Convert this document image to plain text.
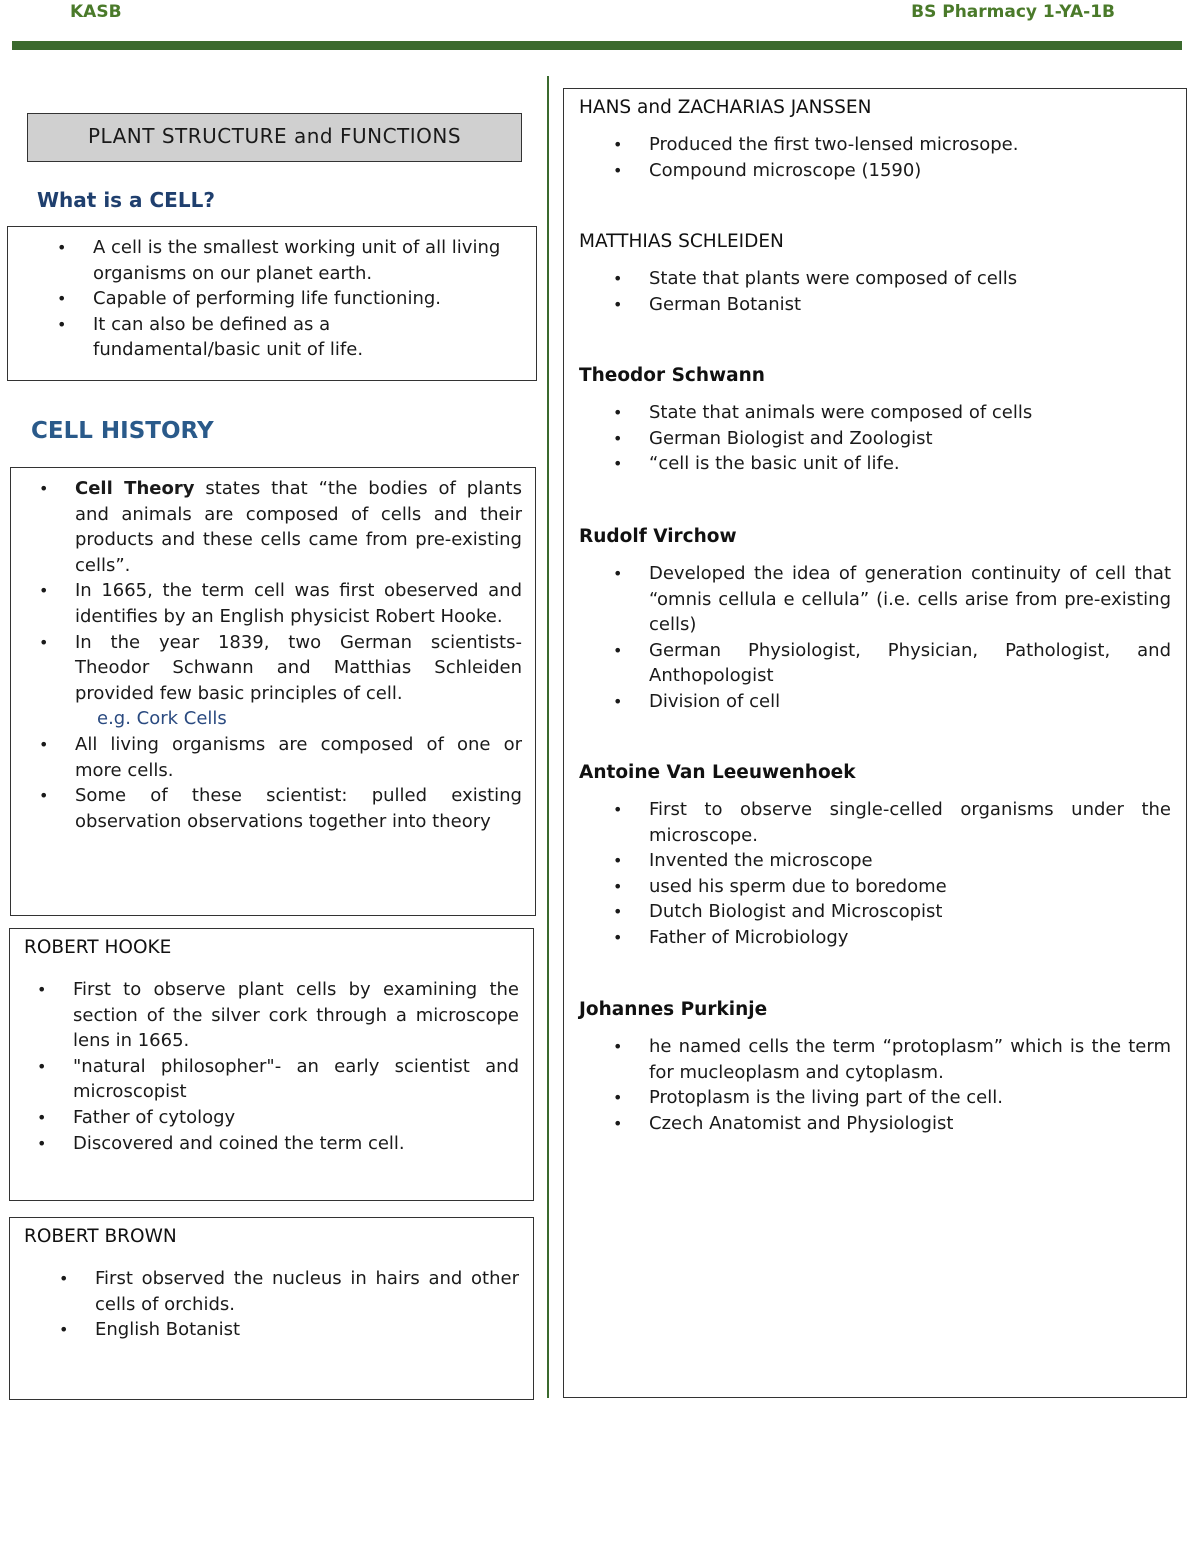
KASB	BS Pharmacy 1-YA-1B
PLANT STRUCTURE and FUNCTIONS
What is a CELL?
• A cell is the smallest working unit of all living organisms on our planet earth.
• Capable of performing life functioning.
• It can also be defined as a fundamental/basic unit of life.
CELL HISTORY
• Cell Theory states that “the bodies of plants and animals are composed of cells and their products and these cells came from pre-existing cells”.
• In 1665, the term cell was first obeserved and identifies by an English physicist Robert Hooke.
• In the year 1839, two German scientists- Theodor Schwann and Matthias Schleiden provided few basic principles of cell.
e.g. Cork Cells
• All living organisms are composed of one or more cells.
• Some of these scientist: pulled existing observation observations together into theory
ROBERT HOOKE
• First to observe plant cells by examining the section of the silver cork through a microscope lens in 1665.
• "natural philosopher"- an early scientist and microscopist
• Father of cytology
• Discovered and coined the term cell.
ROBERT BROWN
• First observed the nucleus in hairs and other cells of orchids.
• English Botanist
HANS and ZACHARIAS JANSSEN
• Produced the first two-lensed microsope.
• Compound microscope (1590)
MATTHIAS SCHLEIDEN
• State that plants were composed of cells
• German Botanist
Theodor Schwann
• State that animals were composed of cells
• German Biologist and Zoologist
• “cell is the basic unit of life.
Rudolf Virchow
• Developed the idea of generation continuity of cell that “omnis cellula e cellula” (i.e. cells arise from pre-existing cells)
• German Physiologist, Physician, Pathologist, and Anthopologist
• Division of cell
Antoine Van Leeuwenhoek
• First to observe single-celled organisms under the microscope.
• Invented the microscope
• used his sperm due to boredome
• Dutch Biologist and Microscopist
• Father of Microbiology
Johannes Purkinje
• he named cells the term “protoplasm” which is the term for mucleoplasm and cytoplasm.
• Protoplasm is the living part of the cell.
• Czech Anatomist and Physiologist
